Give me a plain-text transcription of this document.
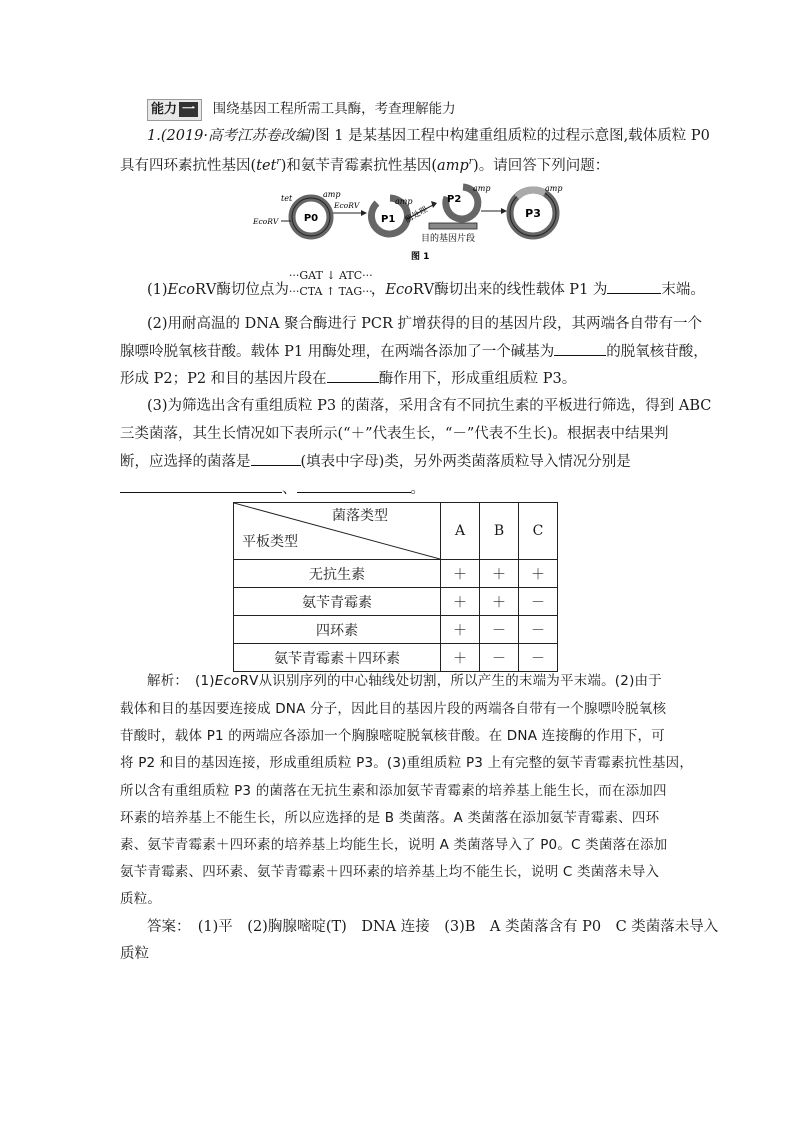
能力 一 围绕基因工程所需工具酶，考查理解能力
1.(2019·高考江苏卷改编)图 1 是某基因工程中构建重组质粒的过程示意图,载体质粒 P0
具有四环素抗性基因(tet$^r$)和氨苄青霉素抗性基因(amp$^r$)。请回答下列问题：
P0
tet	amp
EcoRⅤ
EcoRⅤ
P1
amp
酶处理
P2
amp
目的基因片段
P3
amp
图 1
(1)EcoRⅤ酶切位点为
···GAT ↓ ATC···
···CTA ↑ TAG···
，EcoRⅤ酶切出来的线性载体 P1 为	末端。
(2)用耐高温的 DNA 聚合酶进行 PCR 扩增获得的目的基因片段，其两端各自带有一个
腺嘌呤脱氧核苷酸。载体 P1 用酶处理，在两端各添加了一个碱基为	的脱氧核苷酸，
形成 P2；P2 和目的基因片段在	酶作用下，形成重组质粒 P3。
(3)为筛选出含有重组质粒 P3 的菌落，采用含有不同抗生素的平板进行筛选，得到 ABC
三类菌落，其生长情况如下表所示(“＋”代表生长，“－”代表不生长)。根据表中结果判
断，应选择的菌落是	(填表中字母)类，另外两类菌落质粒导入情况分别是
、	。
菌落类型
平板类型	A	B	C
无抗生素	＋	＋	＋
氨苄青霉素	＋	＋	－
四环素	＋	－	－
氨苄青霉素＋四环素	＋	－	－
解析：　(1)EcoRⅤ从识别序列的中心轴线处切割，所以产生的末端为平末端。(2)由于
载体和目的基因要连接成 DNA 分子，因此目的基因片段的两端各自带有一个腺嘌呤脱氧核
苷酸时，载体 P1 的两端应各添加一个胸腺嘧啶脱氧核苷酸。在 DNA 连接酶的作用下，可
将 P2 和目的基因连接，形成重组质粒 P3。(3)重组质粒 P3 上有完整的氨苄青霉素抗性基因，
所以含有重组质粒 P3 的菌落在无抗生素和添加氨苄青霉素的培养基上能生长，而在添加四
环素的培养基上不能生长，所以应选择的是 B 类菌落。A 类菌落在添加氨苄青霉素、四环
素、氨苄青霉素＋四环素的培养基上均能生长，说明 A 类菌落导入了 P0。C 类菌落在添加
氨苄青霉素、四环素、氨苄青霉素＋四环素的培养基上均不能生长，说明 C 类菌落未导入
质粒。
答案：　(1)平　(2)胸腺嘧啶(T)　DNA 连接　(3)B　A 类菌落含有 P0　C 类菌落未导入
质粒
